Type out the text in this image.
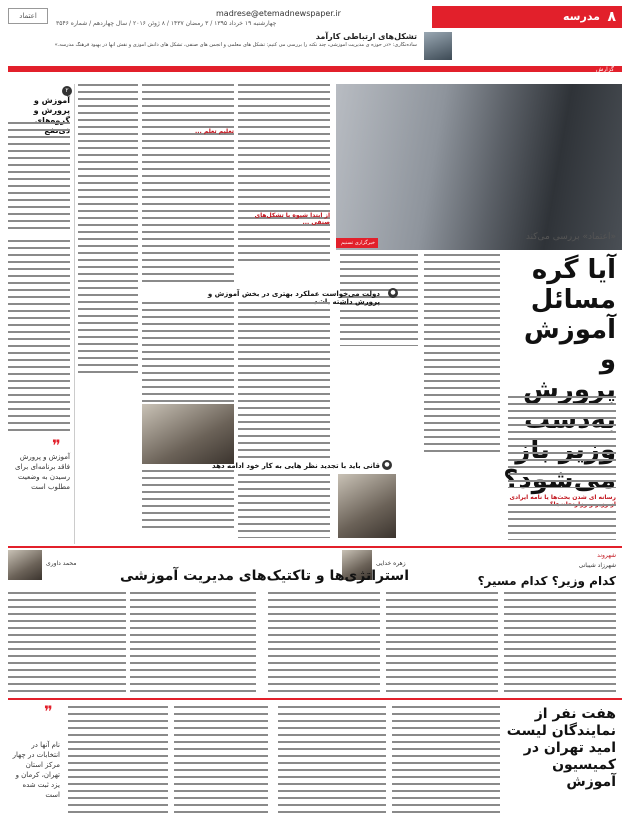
مدرسه ۸
madrese@etemadnewspaper.ir
چهارشنبه ۱۹ خرداد ۱۳۹۵ / ۳ رمضان ۱۴۳۷ / ۸ ژوئن ۲۰۱۶ / سال چهاردهم / شماره ۳۵۴۶
اعتماد
تشکل‌های ارتباطی کارآمد
ساده‌نگاری: «در حوزه ی مدیریت آموزشی، چند نکته را بررسی می کنیم: تشکل های معلمی و انجمن های صنفی، تشکل های دانش آموزی و نقش آنها در بهبود فرهنگ مدرسه.»
گزارش
خبرگزاری تسنیم
«اعتماد» بررسی می‌کند
آیا گره مسائل آموزش و پرورش به‌دست وزیر باز می‌شود؟
از ابتدا شیوه با تشکل‌های صنفی ...
تعلیم تعلم ...
دولت می‌خواست عملکرد بهتری در بخش آموزش و پرورش داشته باشد
●
رسانه ای شدن بحث‌ها یا نامه ایرادی از وزیر و وزارتخانه‌ها؟
قانی باید با تجدید نظر هایی به کار خود ادامه دهد ●
۲
آموزش و پرورش و گروه‌های ذی‌نفع
❞
آموزش و پرورش فاقد برنامه‌ای برای رسیدن به وضعیت مطلوب است
محمد داوری	زهره خدایی
شهروند
شهرزاد شیبانی
استراتژی‌ها و تاکتیک‌های مدیریت آموزشی	کدام وزیر؟ کدام مسیر؟
هفت نفر از نمایندگان لیست امید تهران در کمیسیون آموزش
❞
نام آنها در انتخابات در چهار مرکز استان تهران، کرمان و یزد ثبت شده است
